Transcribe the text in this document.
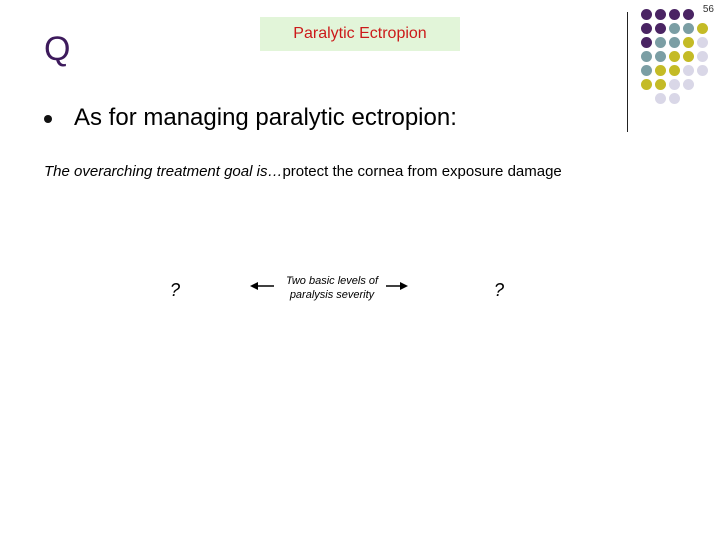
56
Q	Paralytic Ectropion
As for managing paralytic ectropion:
The overarching treatment goal is…protect the cornea from exposure damage
?	Two basic levels of paralysis severity	?
